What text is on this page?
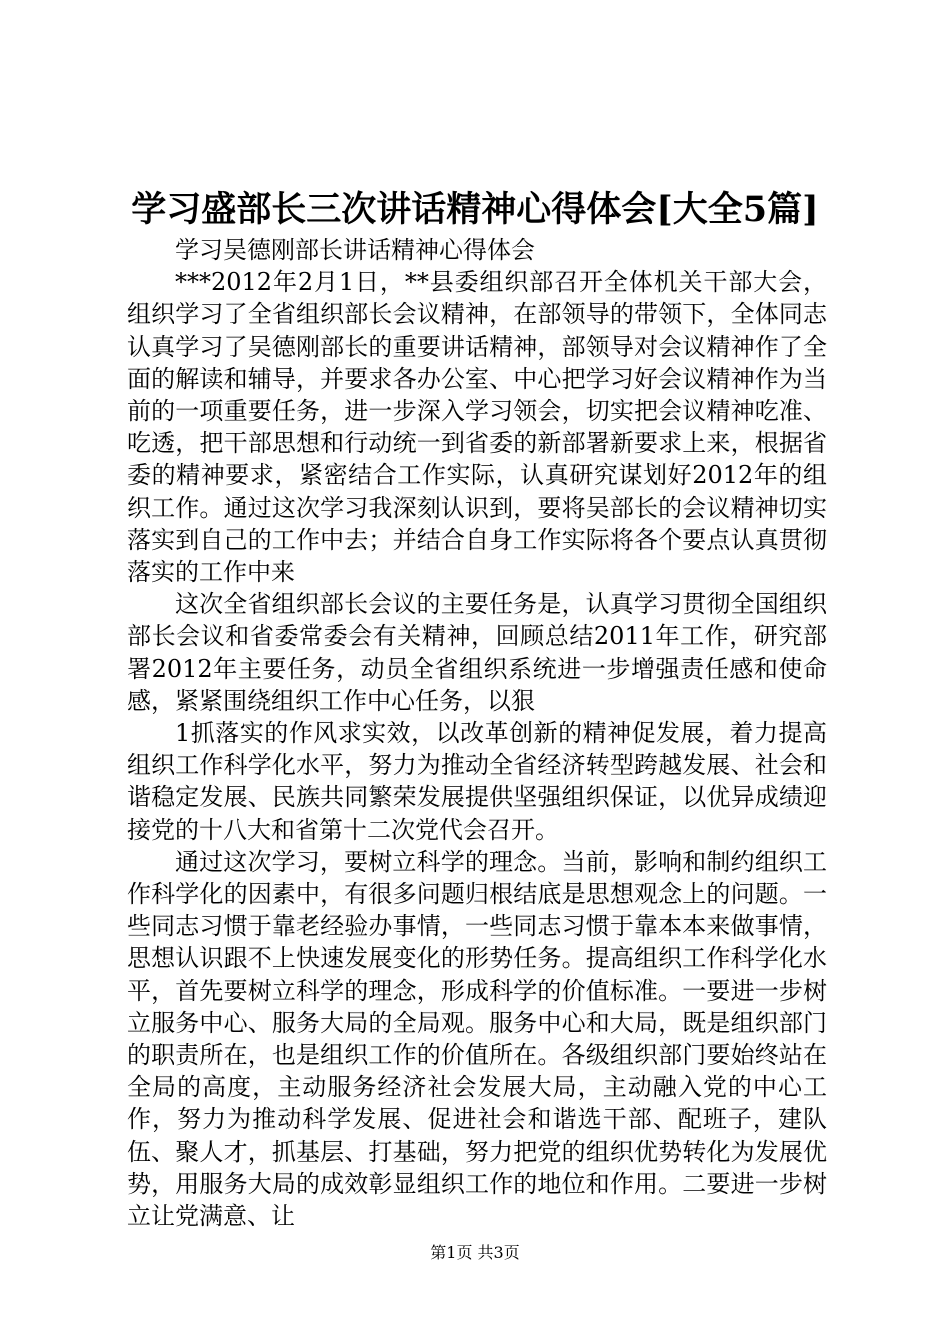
学习盛部长三次讲话精神心得体会[大全5篇]

学习吴德刚部长讲话精神心得体会

***2012年2月1日，**县委组织部召开全体机关干部大会，组织学习了全省组织部长会议精神，在部领导的带领下，全体同志认真学习了吴德刚部长的重要讲话精神，部领导对会议精神作了全面的解读和辅导，并要求各办公室、中心把学习好会议精神作为当前的一项重要任务，进一步深入学习领会，切实把会议精神吃准、吃透，把干部思想和行动统一到省委的新部署新要求上来，根据省委的精神要求，紧密结合工作实际，认真研究谋划好2012年的组织工作。通过这次学习我深刻认识到，要将吴部长的会议精神切实落实到自己的工作中去；并结合自身工作实际将各个要点认真贯彻落实的工作中来

这次全省组织部长会议的主要任务是，认真学习贯彻全国组织部长会议和省委常委会有关精神，回顾总结2011年工作，研究部署2012年主要任务，动员全省组织系统进一步增强责任感和使命感，紧紧围绕组织工作中心任务，以狠

1抓落实的作风求实效，以改革创新的精神促发展，着力提高组织工作科学化水平，努力为推动全省经济转型跨越发展、社会和谐稳定发展、民族共同繁荣发展提供坚强组织保证，以优异成绩迎接党的十八大和省第十二次党代会召开。

通过这次学习，要树立科学的理念。当前，影响和制约组织工作科学化的因素中，有很多问题归根结底是思想观念上的问题。一些同志习惯于靠老经验办事情，一些同志习惯于靠本本来做事情，思想认识跟不上快速发展变化的形势任务。提高组织工作科学化水平，首先要树立科学的理念，形成科学的价值标准。一要进一步树立服务中心、服务大局的全局观。服务中心和大局，既是组织部门的职责所在，也是组织工作的价值所在。各级组织部门要始终站在全局的高度，主动服务经济社会发展大局，主动融入党的中心工作，努力为推动科学发展、促进社会和谐选干部、配班子，建队伍、聚人才，抓基层、打基础，努力把党的组织优势转化为发展优势，用服务大局的成效彰显组织工作的地位和作用。二要进一步树立让党满意、让

第1页 共3页
